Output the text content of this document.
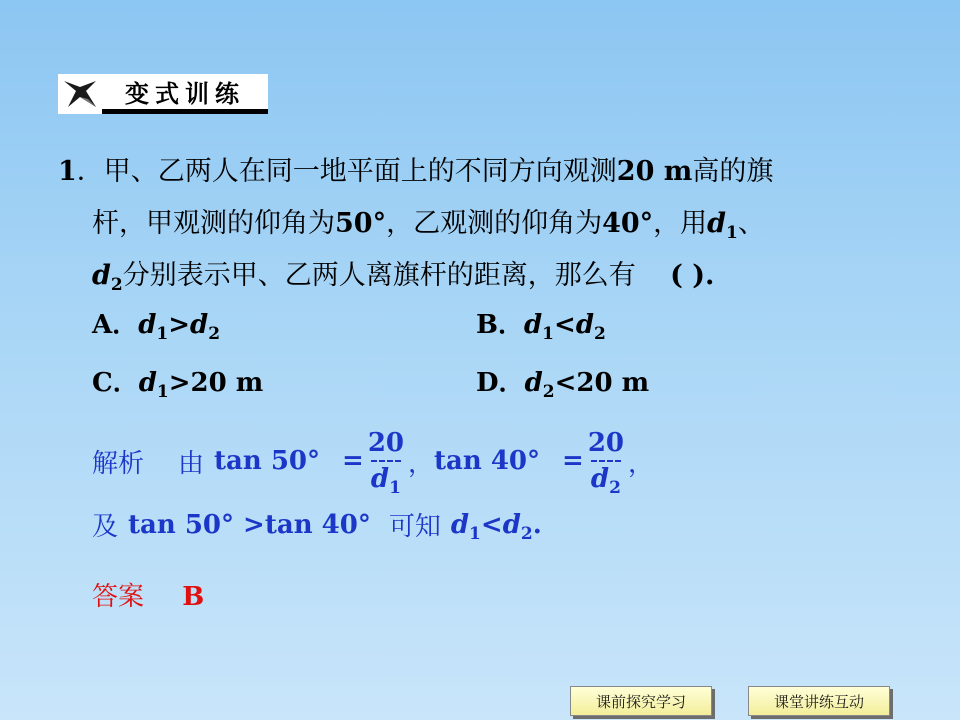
变式训练
1．甲、乙两人在同一地平面上的不同方向观测20 m高的旗
杆，甲观测的仰角为50°，乙观测的仰角为40°，用$d_1$、
$d_2$分别表示甲、乙两人离旗杆的距离，那么有 ( ).
A．$d_1>d_2$	B．$d_1<d_2$
C．$d_1>20$ m	D．$d_2<20$ m
解析 由 $\tan 50^\circ = \frac{20}{d_1}$ ， $\tan 40^\circ = \frac{20}{d_2}$ ，
及 tan 50° >tan 40° 可知 $d_1<d_2$.
答案 B
课前探究学习	课堂讲练互动
